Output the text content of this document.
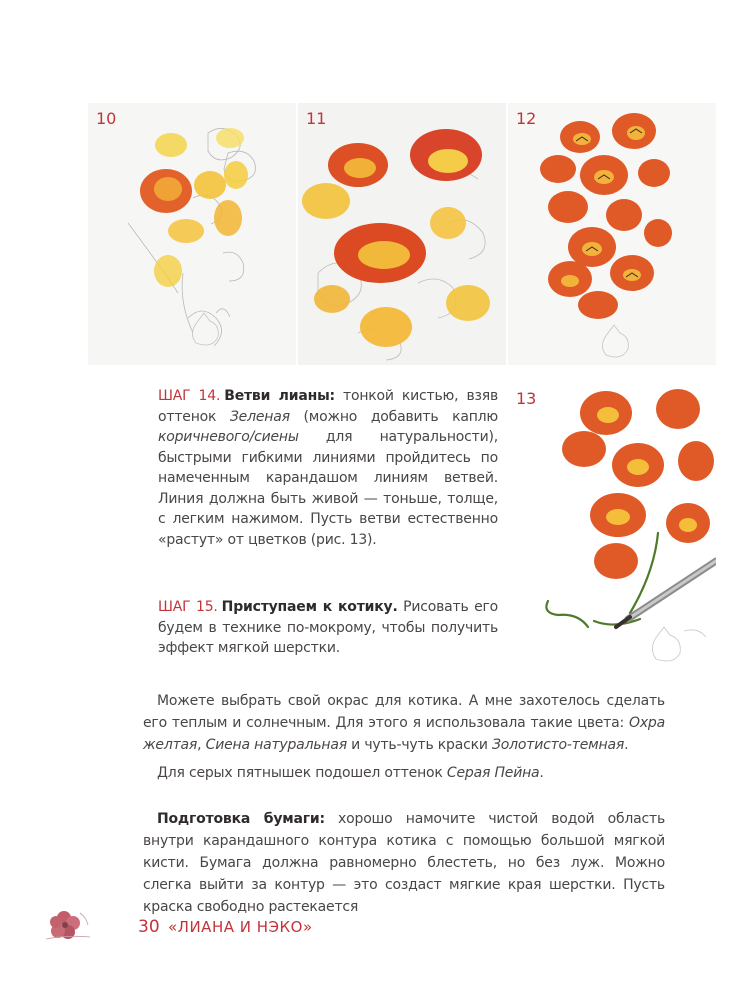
10	11	12
13
ШАГ 14. Ветви лианы: тонкой кистью, взяв оттенок Зеленая (можно добавить каплю коричневого/сиены для натуральности), быстрыми гибкими линиями пройдитесь по намеченным карандашом линиям ветвей. Линия должна быть живой — тоньше, толще, с легким нажимом. Пусть ветви естественно «растут» от цветков (рис. 13).
ШАГ 15. Приступаем к котику. Рисовать его будем в технике по-мокрому, чтобы получить эффект мягкой шерстки.
Можете выбрать свой окрас для котика. А мне захотелось сделать его теплым и солнечным. Для этого я использовала такие цвета: Охра желтая, Сиена натуральная и чуть-чуть краски Золотисто-темная.
Для серых пятнышек подошел оттенок Серая Пейна.
Подготовка бумаги: хорошо намочите чистой водой область внутри карандашного контура котика с помощью большой мягкой кисти. Бумага должна равномерно блестеть, но без луж. Можно слегка выйти за контур — это создаст мягкие края шерстки. Пусть краска свободно растекается
30 «ЛИАНА И НЭКО»
